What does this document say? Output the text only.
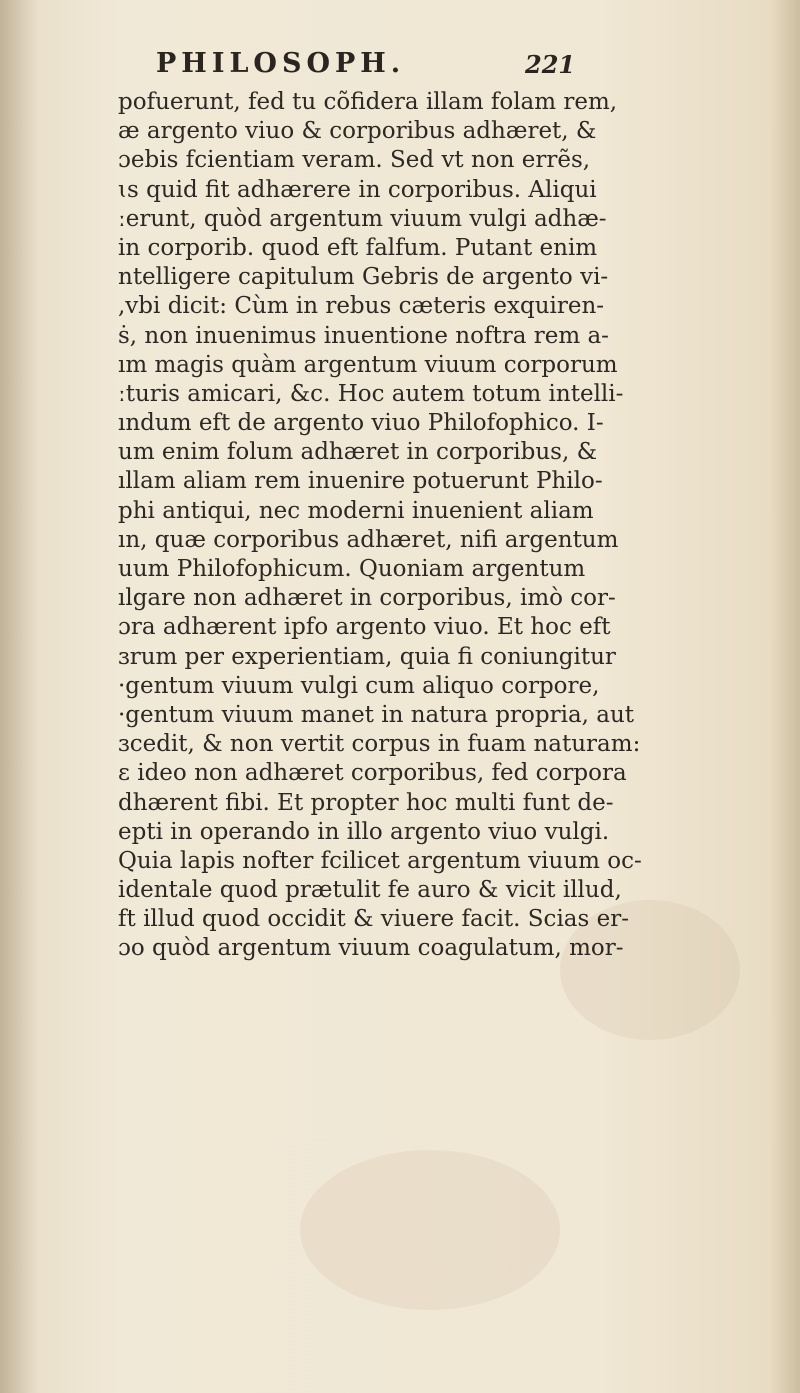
PHILOSOPH.	221
pofuerunt, fed tu cõfidera illam folam rem,
æ argento viuo & corporibus adhæret, &
ɔebis fcientiam veram. Sed vt non errẽs,
ɩs quid fit adhærere in corporibus. Aliqui
ːerunt, quòd argentum viuum vulgi adhæ-
in corporib. quod eft falfum. Putant enim
ntelligere capitulum Gebris de argento vi-
,vbi dicit: Cùm in rebus cæteris exquiren-
ṡ, non inuenimus inuentione noftra rem a-
ım magis quàm argentum viuum corporum
ːturis amicari, &c. Hoc autem totum intelli-
ındum eft de argento viuo Philofophico. I-
um enim folum adhæret in corporibus, &
ıllam aliam rem inuenire potuerunt Philo-
phi antiqui, nec moderni inuenient aliam
ın, quæ corporibus adhæret, nifi argentum
uum Philofophicum. Quoniam argentum
ılgare non adhæret in corporibus, imò cor-
ɔra adhærent ipfo argento viuo. Et hoc eft
ɜrum per experientiam, quia fi coniungitur
·gentum viuum vulgi cum aliquo corpore,
·gentum viuum manet in natura propria, aut
ɜcedit, & non vertit corpus in fuam naturam:
ɛ ideo non adhæret corporibus, fed corpora
dhærent fibi. Et propter hoc multi funt de-
epti in operando in illo argento viuo vulgi.
Quia lapis nofter fcilicet argentum viuum oc-
identale quod prætulit fe auro & vicit illud,
ft illud quod occidit & viuere facit. Scias er-
ɔo quòd argentum viuum coagulatum, mor-
